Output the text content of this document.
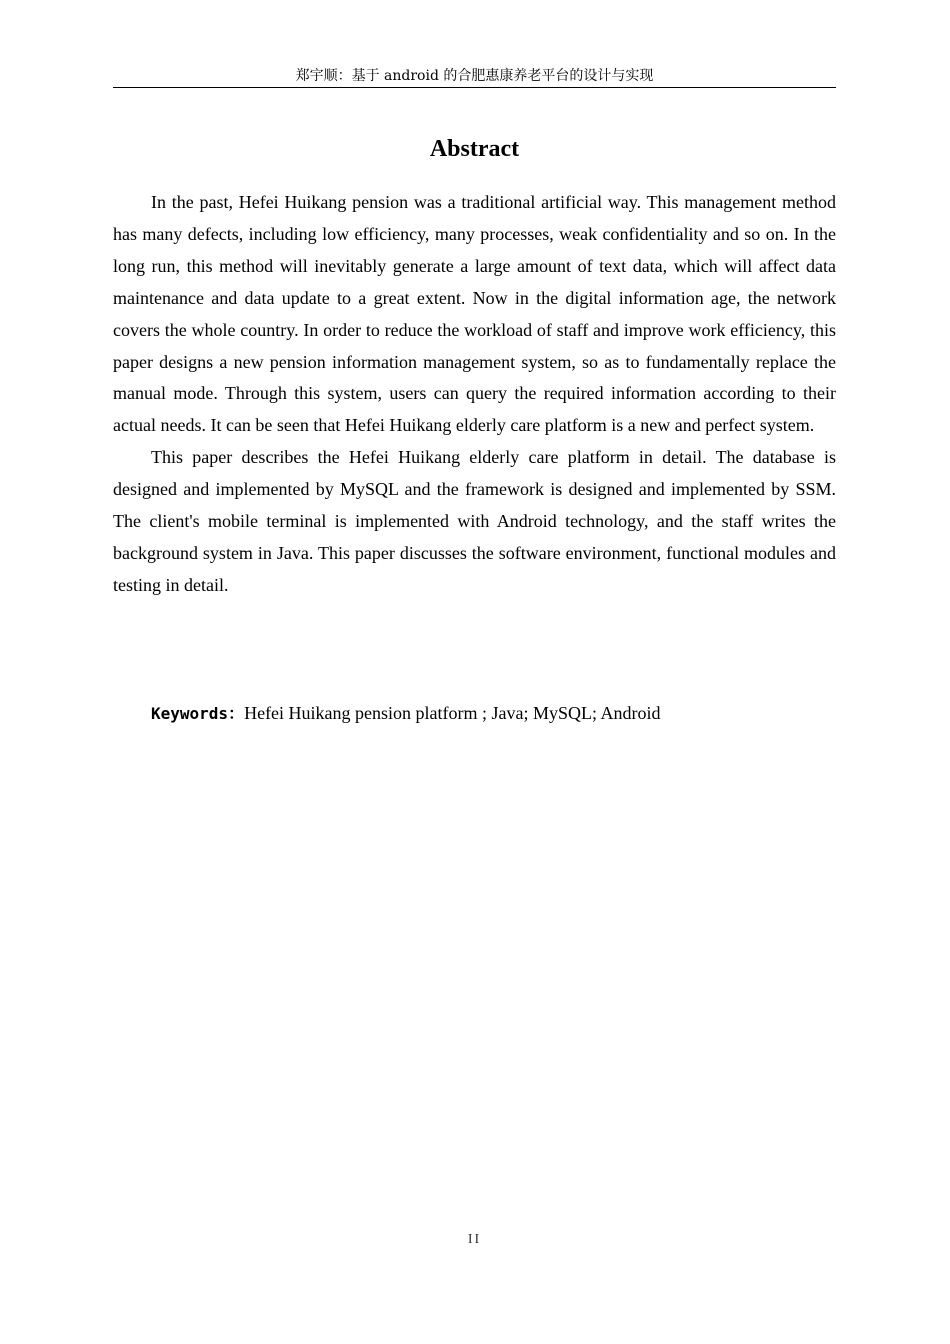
郑宇顺：基于 android 的合肥惠康养老平台的设计与实现
Abstract

In the past, Hefei Huikang pension was a traditional artificial way. This management method has many defects, including low efficiency, many processes, weak confidentiality and so on. In the long run, this method will inevitably generate a large amount of text data, which will affect data maintenance and data update to a great extent. Now in the digital information age, the network covers the whole country. In order to reduce the workload of staff and improve work efficiency, this paper designs a new pension information management system, so as to fundamentally replace the manual mode. Through this system, users can query the required information according to their actual needs. It can be seen that Hefei Huikang elderly care platform is a new and perfect system.

This paper describes the Hefei Huikang elderly care platform in detail. The database is designed and implemented by MySQL and the framework is designed and implemented by SSM. The client's mobile terminal is implemented with Android technology, and the staff writes the background system in Java. This paper discusses the software environment, functional modules and testing in detail.

Keywords：Hefei Huikang pension platform ; Java; MySQL; Android
II
